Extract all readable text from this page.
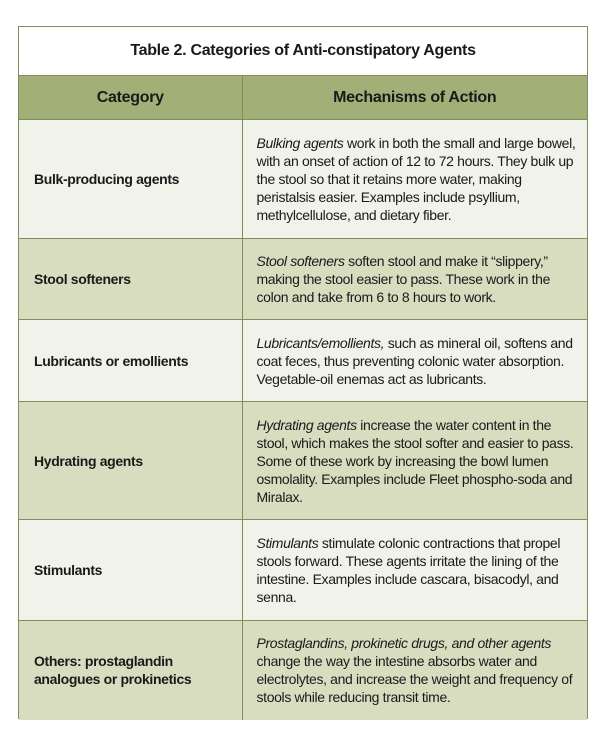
Table 2. Categories of Anti-constipatory Agents
Category	Mechanisms of Action
Bulk-producing agents	Bulking agents work in both the small and large bowel, with an onset of action of 12 to 72 hours. They bulk up the stool so that it retains more water, making peristalsis easier. Examples include psyllium, methylcellulose, and dietary fiber.
Stool softeners	Stool softeners soften stool and make it “slippery,” making the stool easier to pass. These work in the colon and take from 6 to 8 hours to work.
Lubricants or emollients	Lubricants/emollients, such as mineral oil, softens and coat feces, thus preventing colonic water absorption. Vegetable-oil enemas act as lubricants.
Hydrating agents	Hydrating agents increase the water content in the stool, which makes the stool softer and easier to pass. Some of these work by increasing the bowl lumen osmolality. Examples include Fleet phospho-soda and Miralax.
Stimulants	Stimulants stimulate colonic contractions that propel stools forward. These agents irritate the lining of the intestine. Examples include cascara, bisacodyl, and senna.
Others: prostaglandin analogues or prokinetics	Prostaglandins, prokinetic drugs, and other agents change the way the intestine absorbs water and electrolytes, and increase the weight and frequency of stools while reducing transit time.
